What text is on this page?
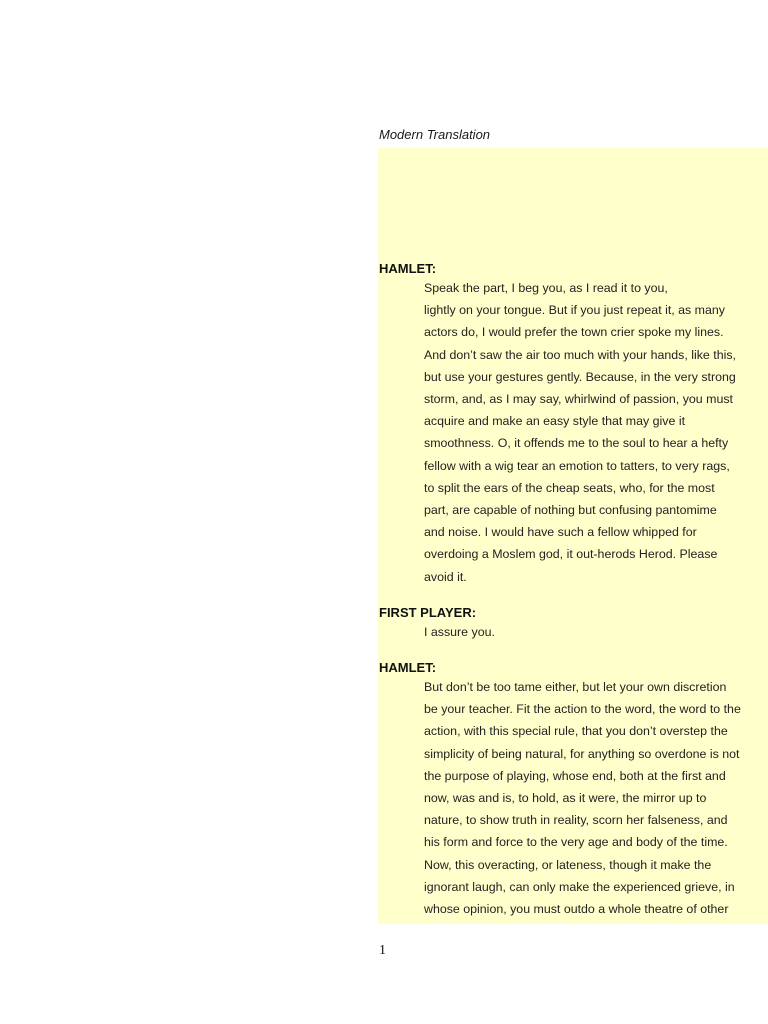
Modern Translation

HAMLET:

Speak the part, I beg you, as I read it to you,
lightly on your tongue. But if you just repeat it, as many
actors do, I would prefer the town crier spoke my lines.
And don’t saw the air too much with your hands, like this,
but use your gestures gently. Because, in the very strong
storm, and, as I may say, whirlwind of passion, you must
acquire and make an easy style that may give it
smoothness. O, it offends me to the soul to hear a hefty
fellow with a wig tear an emotion to tatters, to very rags,
to split the ears of the cheap seats, who, for the most
part, are capable of nothing but confusing pantomime
and noise. I would have such a fellow whipped for
overdoing a Moslem god, it out-herods Herod. Please
avoid it.

FIRST PLAYER:

I assure you.

HAMLET:

But don’t be too tame either, but let your own discretion
be your teacher. Fit the action to the word, the word to the
action, with this special rule, that you don’t overstep the
simplicity of being natural, for anything so overdone is not
the purpose of playing, whose end, both at the first and
now, was and is, to hold, as it were, the mirror up to
nature, to show truth in reality, scorn her falseness, and
his form and force to the very age and body of the time.
Now, this overacting, or lateness, though it make the
ignorant laugh, can only make the experienced grieve, in
whose opinion, you must outdo a whole theatre of other

1
